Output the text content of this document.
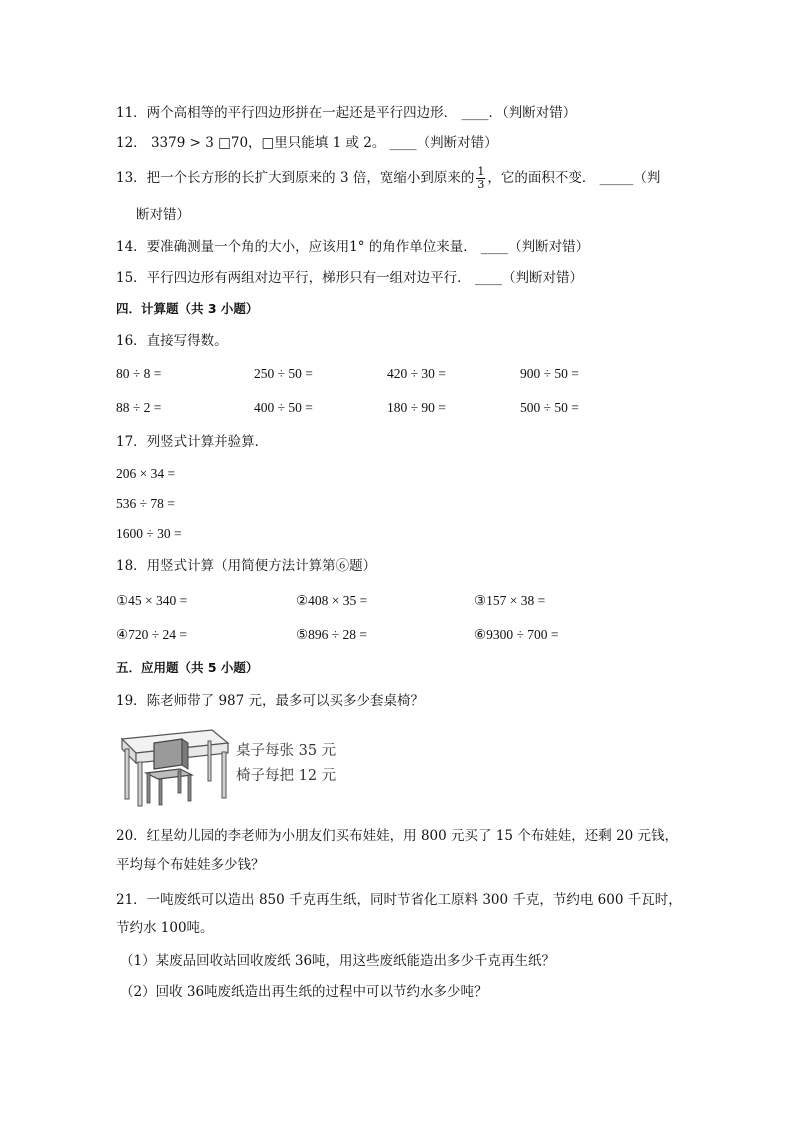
11．两个高相等的平行四边形拼在一起还是平行四边形． ____．（判断对错）
12． 3379 > 3 □70，□里只能填 1 或 2。 ____（判断对错）
13．把一个长方形的长扩大到原来的 3 倍，宽缩小到原来的 $\frac{1}{3}$ ，它的面积不变． _____（判
断对错）
14．要准确测量一个角的大小，应该用1° 的角作单位来量． ____（判断对错）
15．平行四边形有两组对边平行，梯形只有一组对边平行． ____（判断对错）
四．计算题（共 3 小题）
16．直接写得数。
80 ÷ 8 =	250 ÷ 50 =	420 ÷ 30 =	900 ÷ 50 =
88 ÷ 2 =	400 ÷ 50 =	180 ÷ 90 =	500 ÷ 50 =
17．列竖式计算并验算．
206 × 34 =
536 ÷ 78 =
1600 ÷ 30 =
18．用竖式计算（用简便方法计算第⑥题）
①45 × 340 =	②408 × 35 =	③157 × 38 =
④720 ÷ 24 =	⑤896 ÷ 28 =	⑥9300 ÷ 700 =
五．应用题（共 5 小题）
19．陈老师带了 987 元，最多可以买多少套桌椅？
桌子每张 35 元
椅子每把 12 元
20．红星幼儿园的李老师为小朋友们买布娃娃，用 800 元买了 15 个布娃娃，还剩 20 元钱，
平均每个布娃娃多少钱？
21．一吨废纸可以造出 850 千克再生纸，同时节省化工原料 300 千克，节约电 600 千瓦时，
节约水 100吨。
（1）某废品回收站回收废纸 36吨，用这些废纸能造出多少千克再生纸？
（2）回收 36吨废纸造出再生纸的过程中可以节约水多少吨？
